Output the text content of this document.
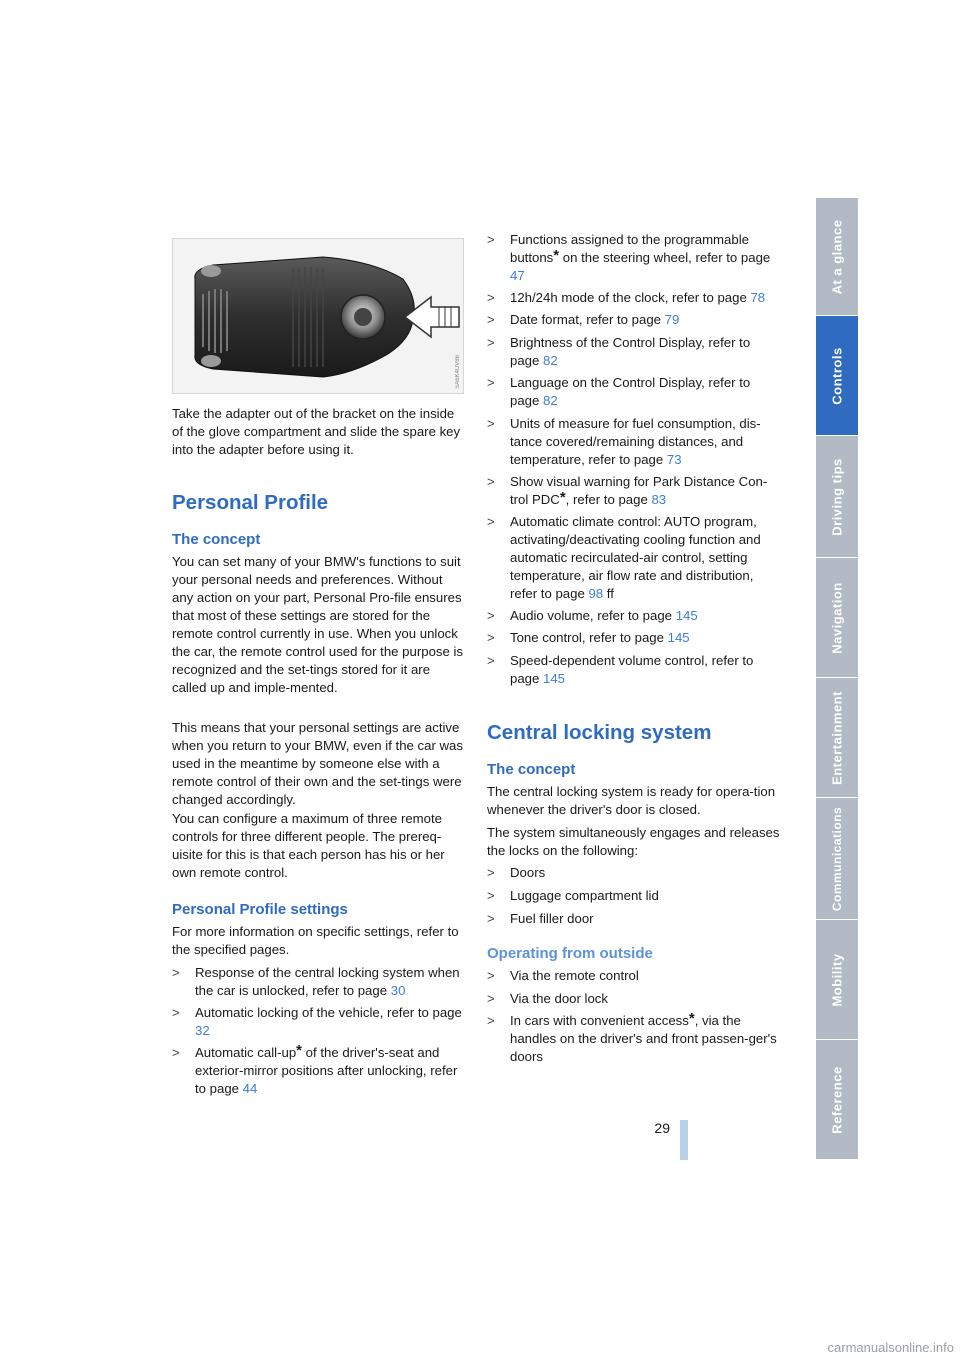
SA6K4UV86

Take the adapter out of the bracket on the inside of the glove compartment and slide the spare key into the adapter before using it.

Personal Profile
The concept

You can set many of your BMW's functions to suit your personal needs and preferences. Without any action on your part, Personal Pro-file ensures that most of these settings are stored for the remote control currently in use. When you unlock the car, the remote control used for the purpose is recognized and the set-tings stored for it are called up and imple-mented.

This means that your personal settings are active when you return to your BMW, even if the car was used in the meantime by someone else with a remote control of their own and the set-tings were changed accordingly.

You can configure a maximum of three remote controls for three different people. The prereq-uisite for this is that each person has his or her own remote control.

Personal Profile settings

For more information on specific settings, refer to the specified pages.

> Response of the central locking system when the car is unlocked, refer to page 30
> Automatic locking of the vehicle, refer to page 32
> Automatic call-up* of the driver's-seat and exterior-mirror positions after unlocking, refer to page 44
> Functions assigned to the programmable buttons* on the steering wheel, refer to page 47
> 12h/24h mode of the clock, refer to page 78
> Date format, refer to page 79
> Brightness of the Control Display, refer to page 82
> Language on the Control Display, refer to page 82
> Units of measure for fuel consumption, dis-tance covered/remaining distances, and temperature, refer to page 73
> Show visual warning for Park Distance Con-trol PDC*, refer to page 83
> Automatic climate control: AUTO program, activating/deactivating cooling function and automatic recirculated-air control, setting temperature, air flow rate and distribution, refer to page 98 ff
> Audio volume, refer to page 145
> Tone control, refer to page 145
> Speed-dependent volume control, refer to page 145
Central locking system
The concept

The central locking system is ready for opera-tion whenever the driver's door is closed.

The system simultaneously engages and releases the locks on the following:

> Doors
> Luggage compartment lid
> Fuel filler door
Operating from outside
> Via the remote control
> Via the door lock
> In cars with convenient access*, via the handles on the driver's and front passen-ger's doors
At a glance
Controls
Driving tips
Navigation
Entertainment
Communications
Mobility
Reference
29
carmanualsonline.info
